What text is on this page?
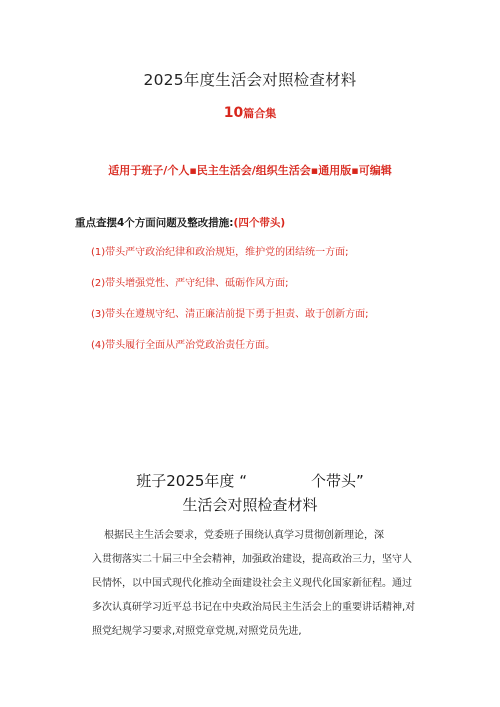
2025年度生活会对照检查材料
10篇合集
适用于班子/个人▪民主生活会/组织生活会▪通用版▪可编辑
重点查摆4个方面问题及整改措施:(四个带头)
(1)带头严守政治纪律和政治规矩，维护党的团结统一方面;
(2)带头增强党性、严守纪律、砥砺作风方面;
(3)带头在遵规守纪、清正廉洁前提下勇于担责、敢于创新方面;
(4)带头履行全面从严治党政治责任方面。
班子2025年度 “	个带头”
生活会对照检查材料
根据民主生活会要求，党委班子围绕认真学习贯彻创新理论，深
入贯彻落实二十届三中全会精神，加强政治建设，提高政治三力，坚守人
民情怀，以中国式现代化推动全面建设社会主义现代化国家新征程。通过
多次认真研学习近平总书记在中央政治局民主生活会上的重要讲话精神,对
照党纪规学习要求,对照党章党规,对照党员先进,
